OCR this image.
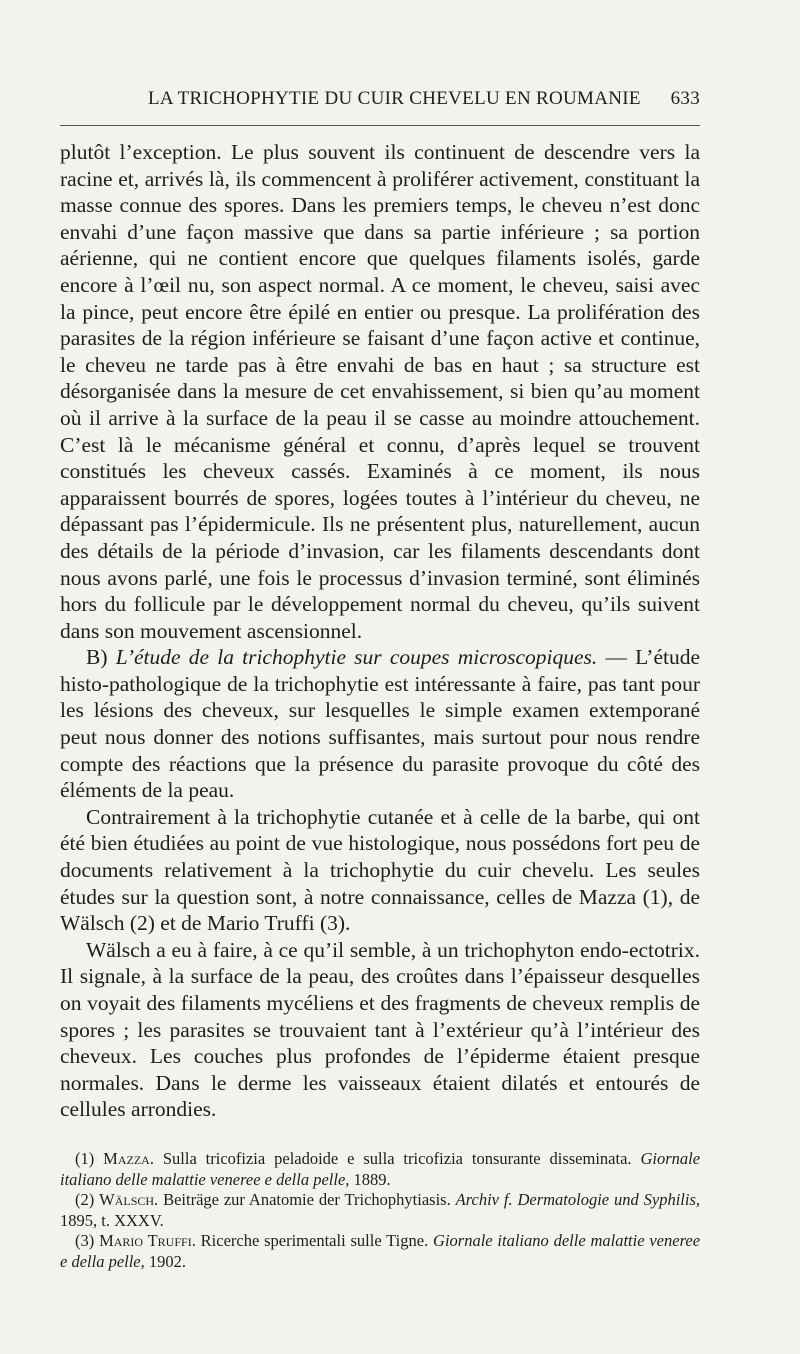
LA TRICHOPHYTIE DU CUIR CHEVELU EN ROUMANIE 633

plutôt l’exception. Le plus souvent ils continuent de descendre vers la racine et, arrivés là, ils commencent à proliférer activement, constituant la masse connue des spores. Dans les premiers temps, le cheveu n’est donc envahi d’une façon massive que dans sa partie inférieure ; sa portion aérienne, qui ne contient encore que quelques filaments isolés, garde encore à l’œil nu, son aspect normal. A ce moment, le cheveu, saisi avec la pince, peut encore être épilé en entier ou presque. La prolifération des parasites de la région inférieure se faisant d’une façon active et continue, le cheveu ne tarde pas à être envahi de bas en haut ; sa structure est désorganisée dans la mesure de cet envahissement, si bien qu’au moment où il arrive à la surface de la peau il se casse au moindre attouchement. C’est là le mécanisme général et connu, d’après lequel se trouvent constitués les cheveux cassés. Examinés à ce moment, ils nous apparaissent bourrés de spores, logées toutes à l’intérieur du cheveu, ne dépassant pas l’épidermicule. Ils ne présentent plus, naturellement, aucun des détails de la période d’invasion, car les filaments descendants dont nous avons parlé, une fois le processus d’invasion terminé, sont éliminés hors du follicule par le développement normal du cheveu, qu’ils suivent dans son mouvement ascensionnel.

B) L’étude de la trichophytie sur coupes microscopiques. — L’étude histo-pathologique de la trichophytie est intéressante à faire, pas tant pour les lésions des cheveux, sur lesquelles le simple examen extemporané peut nous donner des notions suffisantes, mais surtout pour nous rendre compte des réactions que la présence du parasite provoque du côté des éléments de la peau.

Contrairement à la trichophytie cutanée et à celle de la barbe, qui ont été bien étudiées au point de vue histologique, nous possédons fort peu de documents relativement à la trichophytie du cuir chevelu. Les seules études sur la question sont, à notre connaissance, celles de Mazza (1), de Wälsch (2) et de Mario Truffi (3).

Wälsch a eu à faire, à ce qu’il semble, à un trichophyton endo-ectotrix. Il signale, à la surface de la peau, des croûtes dans l’épaisseur desquelles on voyait des filaments mycéliens et des fragments de cheveux remplis de spores ; les parasites se trouvaient tant à l’extérieur qu’à l’intérieur des cheveux. Les couches plus profondes de l’épiderme étaient presque normales. Dans le derme les vaisseaux étaient dilatés et entourés de cellules arrondies.

(1) Mazza. Sulla tricofizia peladoide e sulla tricofizia tonsurante disseminata. Giornale italiano delle malattie veneree e della pelle, 1889.

(2) Wälsch. Beiträge zur Anatomie der Trichophytiasis. Archiv f. Dermatologie und Syphilis, 1895, t. XXXV.

(3) Mario Truffi. Ricerche sperimentali sulle Tigne. Giornale italiano delle malattie veneree e della pelle, 1902.
